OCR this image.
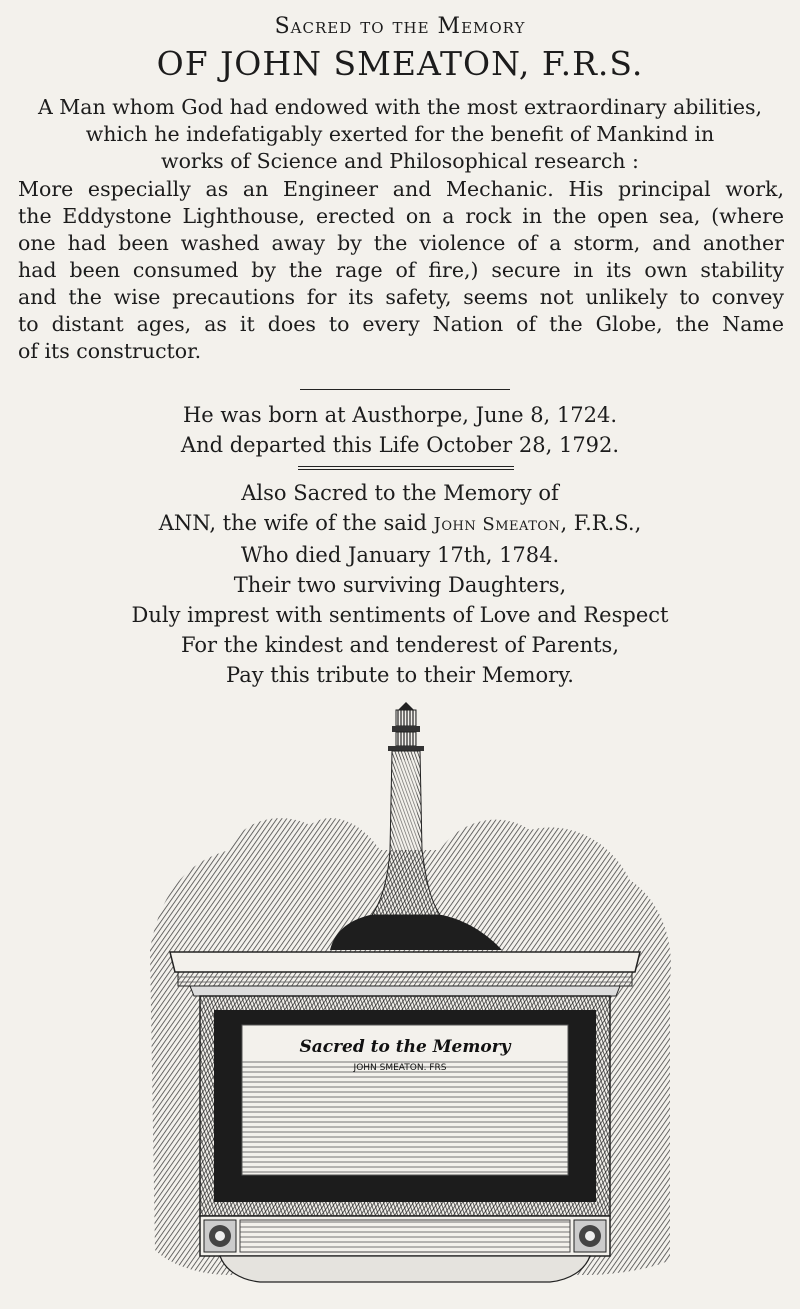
Sacred to the Memory
OF JOHN SMEATON, F.R.S.
A Man whom God had endowed with the most extraordinary abilities,
which he indefatigably exerted for the benefit of Mankind in
works of Science and Philosophical research :
More especially as an Engineer and Mechanic. His principal work,
the Eddystone Lighthouse, erected on a rock in the open sea, (where
one had been washed away by the violence of a storm, and another
had been consumed by the rage of fire,) secure in its own stability
and the wise precautions for its safety, seems not unlikely to convey
to distant ages, as it does to every Nation of the Globe, the Name
of its constructor.
He was born at Austhorpe, June 8, 1724.
And departed this Life October 28, 1792.
Also Sacred to the Memory of
ANN, the wife of the said John Smeaton, F.R.S.,
Who died January 17th, 1784.
Their two surviving Daughters,
Duly imprest with sentiments of Love and Respect
For the kindest and tenderest of Parents,
Pay this tribute to their Memory.
Sacred to the Memory
JOHN SMEATON. FRS
